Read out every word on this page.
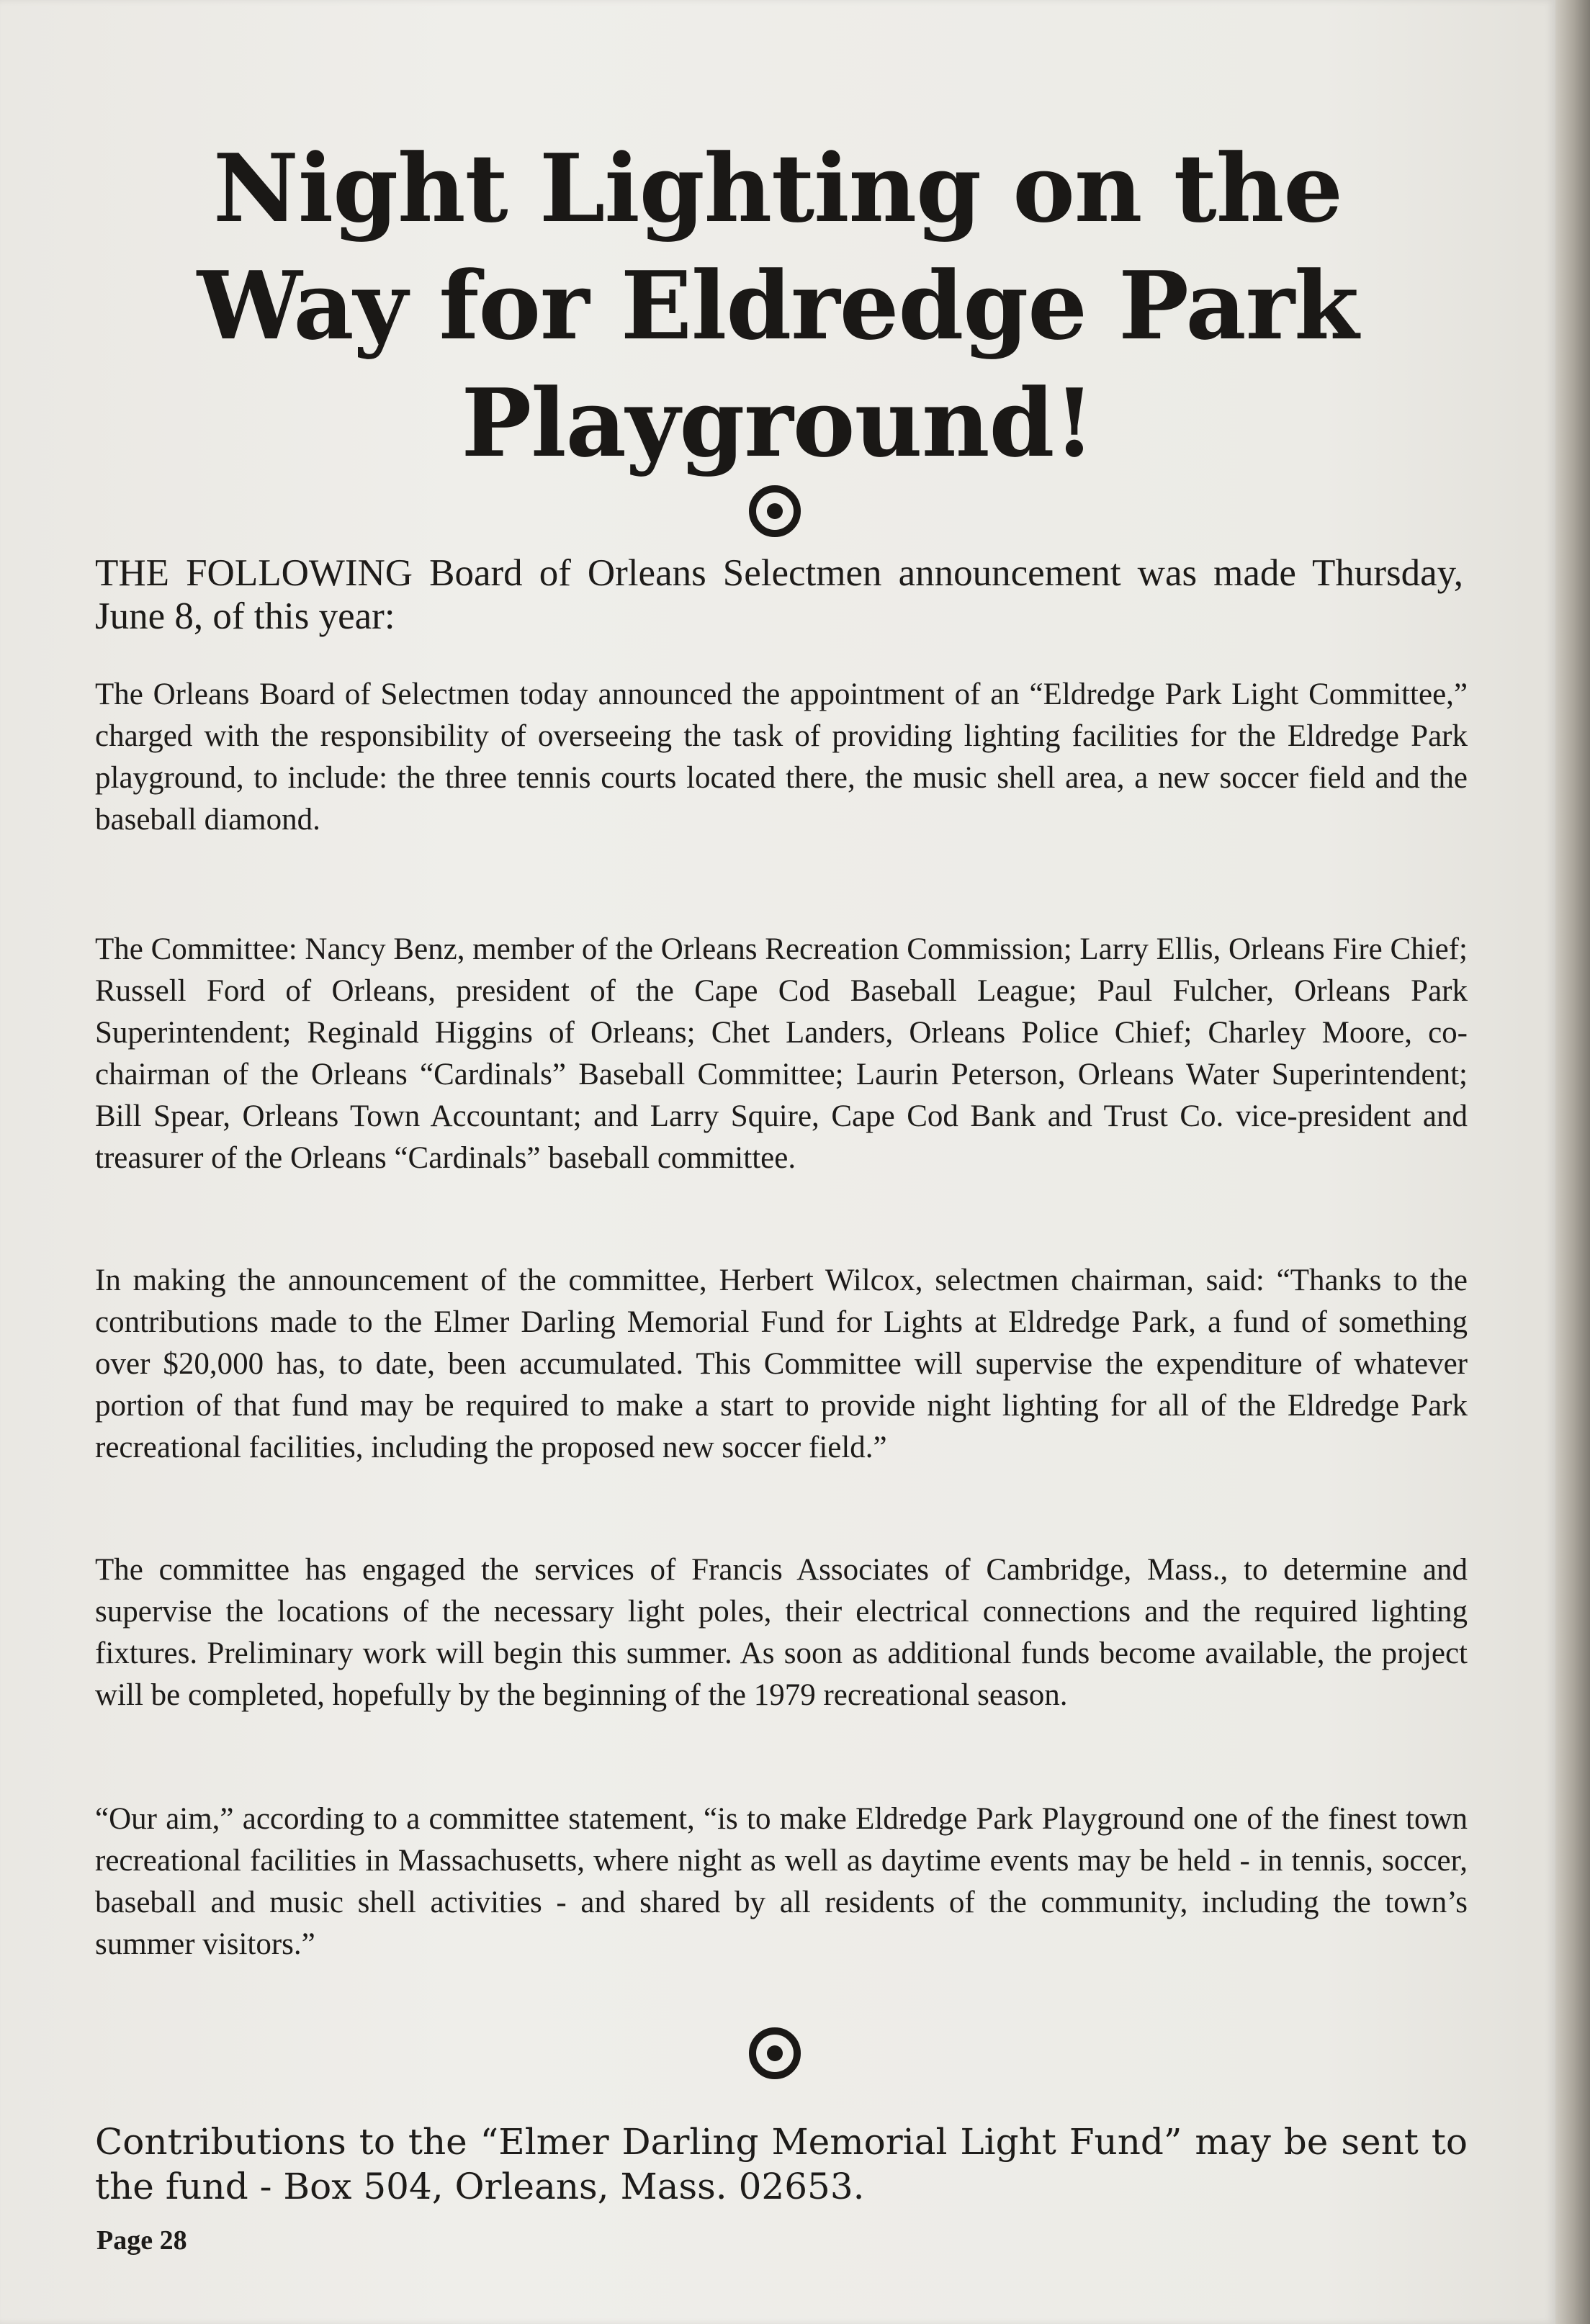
Night Lighting on the Way for Eldredge Park Playground!

THE FOLLOWING Board of Orleans Selectmen announcement was made Thursday, June 8, of this year:

The Orleans Board of Selectmen today announced the appointment of an “Eldredge Park Light Committee,” charged with the responsibility of overseeing the task of providing lighting facilities for the Eldredge Park playground, to include: the three tennis courts located there, the music shell area, a new soccer field and the baseball diamond.

The Committee: Nancy Benz, member of the Orleans Recreation Commission; Larry Ellis, Orleans Fire Chief; Russell Ford of Orleans, president of the Cape Cod Baseball League; Paul Fulcher, Orleans Park Superintendent; Reginald Higgins of Orleans; Chet Landers, Orleans Police Chief; Charley Moore, co-chairman of the Orleans “Cardinals” Baseball Committee; Laurin Peterson, Orleans Water Superintendent; Bill Spear, Orleans Town Accountant; and Larry Squire, Cape Cod Bank and Trust Co. vice-president and treasurer of the Orleans “Cardinals” baseball committee.

In making the announcement of the committee, Herbert Wilcox, selectmen chairman, said: “Thanks to the contributions made to the Elmer Darling Memorial Fund for Lights at Eldredge Park, a fund of something over $20,000 has, to date, been accumulated. This Committee will supervise the expenditure of whatever portion of that fund may be required to make a start to provide night lighting for all of the Eldredge Park recreational facilities, including the proposed new soccer field.”

The committee has engaged the services of Francis Associates of Cambridge, Mass., to determine and supervise the locations of the necessary light poles, their electrical connections and the required lighting fixtures. Preliminary work will begin this summer. As soon as additional funds become available, the project will be completed, hopefully by the beginning of the 1979 recreational season.

“Our aim,” according to a committee statement, “is to make Eldredge Park Playground one of the finest town recreational facilities in Massachusetts, where night as well as daytime events may be held - in tennis, soccer, baseball and music shell activities - and shared by all residents of the community, including the town’s summer visitors.”

Contributions to the “Elmer Darling Memorial Light Fund” may be sent to the fund - Box 504, Orleans, Mass. 02653.

Page 28
